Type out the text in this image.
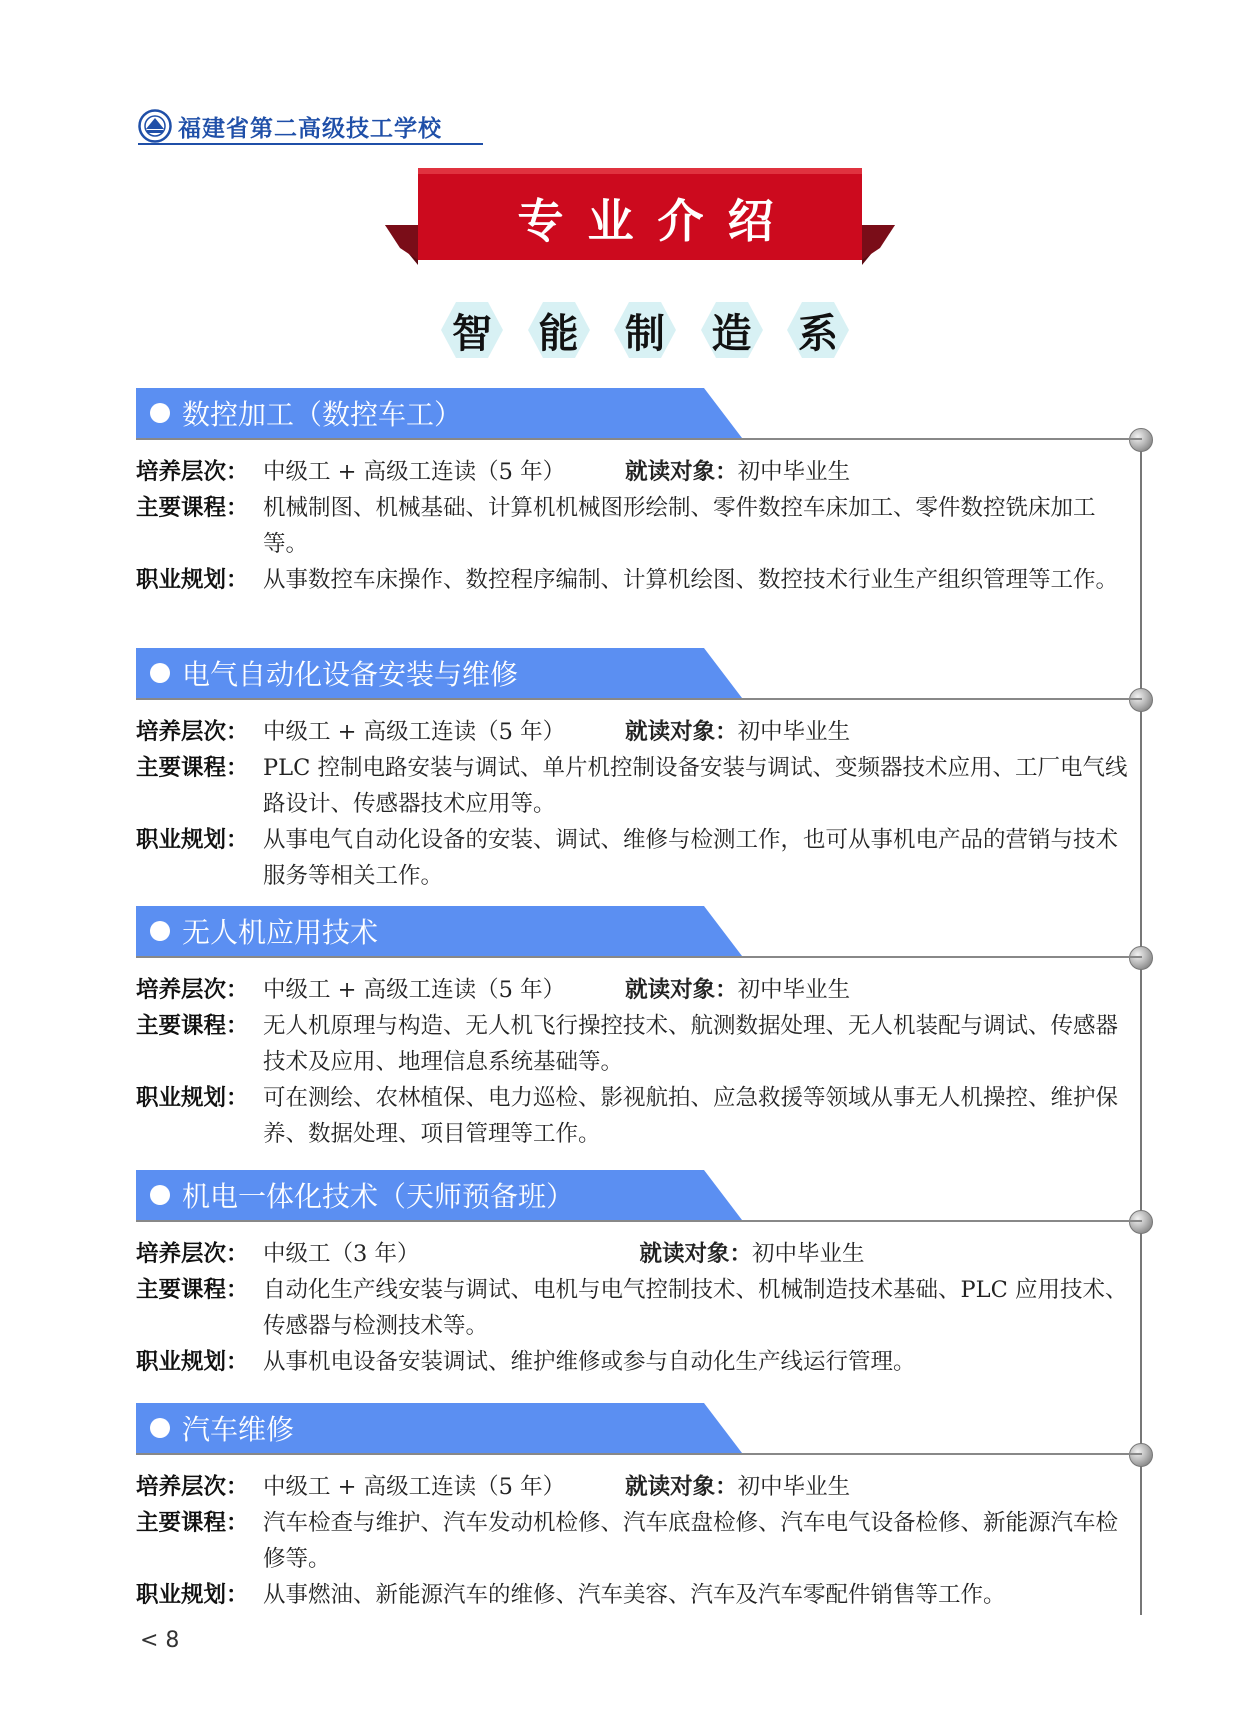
福建省第二高级技工学校
专业介绍
智	能	制	造	系
数控加工（数控车工）
培养层次： 中级工 + 高级工连读（5 年）	就读对象：初中毕业生
主要课程： 机械制图、机械基础、计算机机械图形绘制、零件数控车床加工、零件数控铣床加工等。
职业规划： 从事数控车床操作、数控程序编制、计算机绘图、数控技术行业生产组织管理等工作。
电气自动化设备安装与维修
培养层次： 中级工 + 高级工连读（5 年）	就读对象：初中毕业生
主要课程： PLC 控制电路安装与调试、单片机控制设备安装与调试、变频器技术应用、工厂电气线路设计、传感器技术应用等。
职业规划： 从事电气自动化设备的安装、调试、维修与检测工作，也可从事机电产品的营销与技术服务等相关工作。
无人机应用技术
培养层次： 中级工 + 高级工连读（5 年）	就读对象：初中毕业生
主要课程： 无人机原理与构造、无人机飞行操控技术、航测数据处理、无人机装配与调试、传感器技术及应用、地理信息系统基础等。
职业规划： 可在测绘、农林植保、电力巡检、影视航拍、应急救援等领域从事无人机操控、维护保养、数据处理、项目管理等工作。
机电一体化技术（天师预备班）
培养层次： 中级工（3 年）	就读对象：初中毕业生
主要课程： 自动化生产线安装与调试、电机与电气控制技术、机械制造技术基础、PLC 应用技术、传感器与检测技术等。
职业规划： 从事机电设备安装调试、维护维修或参与自动化生产线运行管理。
汽车维修
培养层次： 中级工 + 高级工连读（5 年）	就读对象：初中毕业生
主要课程： 汽车检查与维护、汽车发动机检修、汽车底盘检修、汽车电气设备检修、新能源汽车检修等。
职业规划： 从事燃油、新能源汽车的维修、汽车美容、汽车及汽车零配件销售等工作。
< 8
